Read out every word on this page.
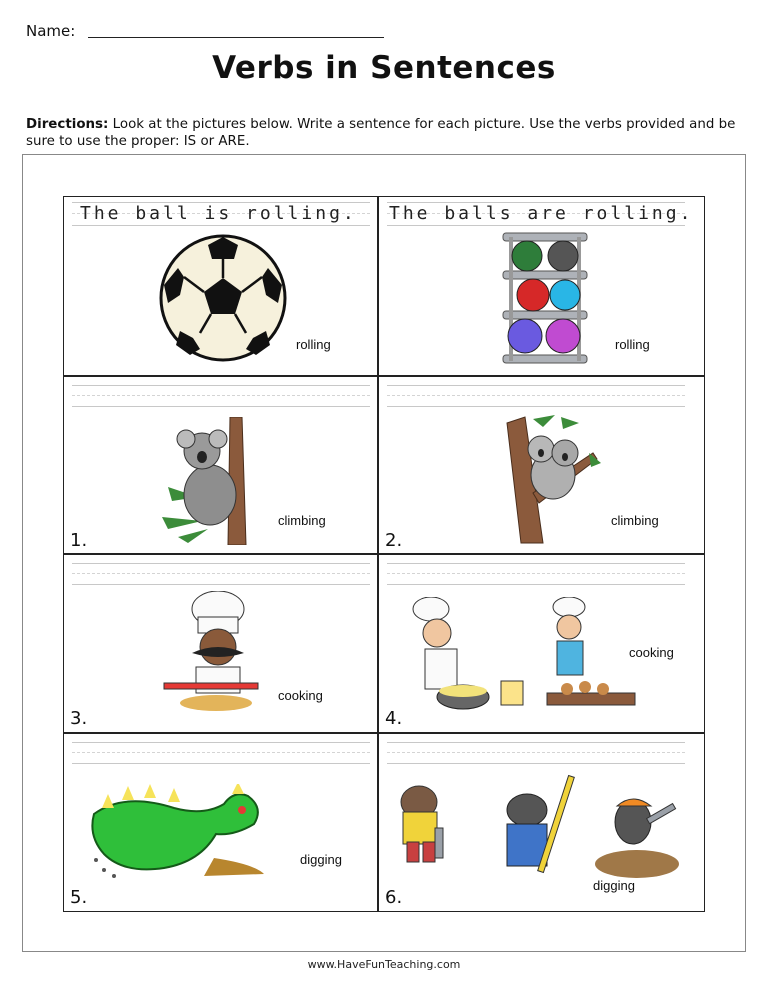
Name:
Verbs in Sentences
Directions: Look at the pictures below. Write a sentence for each picture. Use the verbs provided and be sure to use the proper: IS or ARE.
The ball is rolling.
rolling
The balls are rolling.
rolling
climbing
1.
climbing
2.
cooking
3.
cooking
4.
digging
5.
digging
6.
www.HaveFunTeaching.com
